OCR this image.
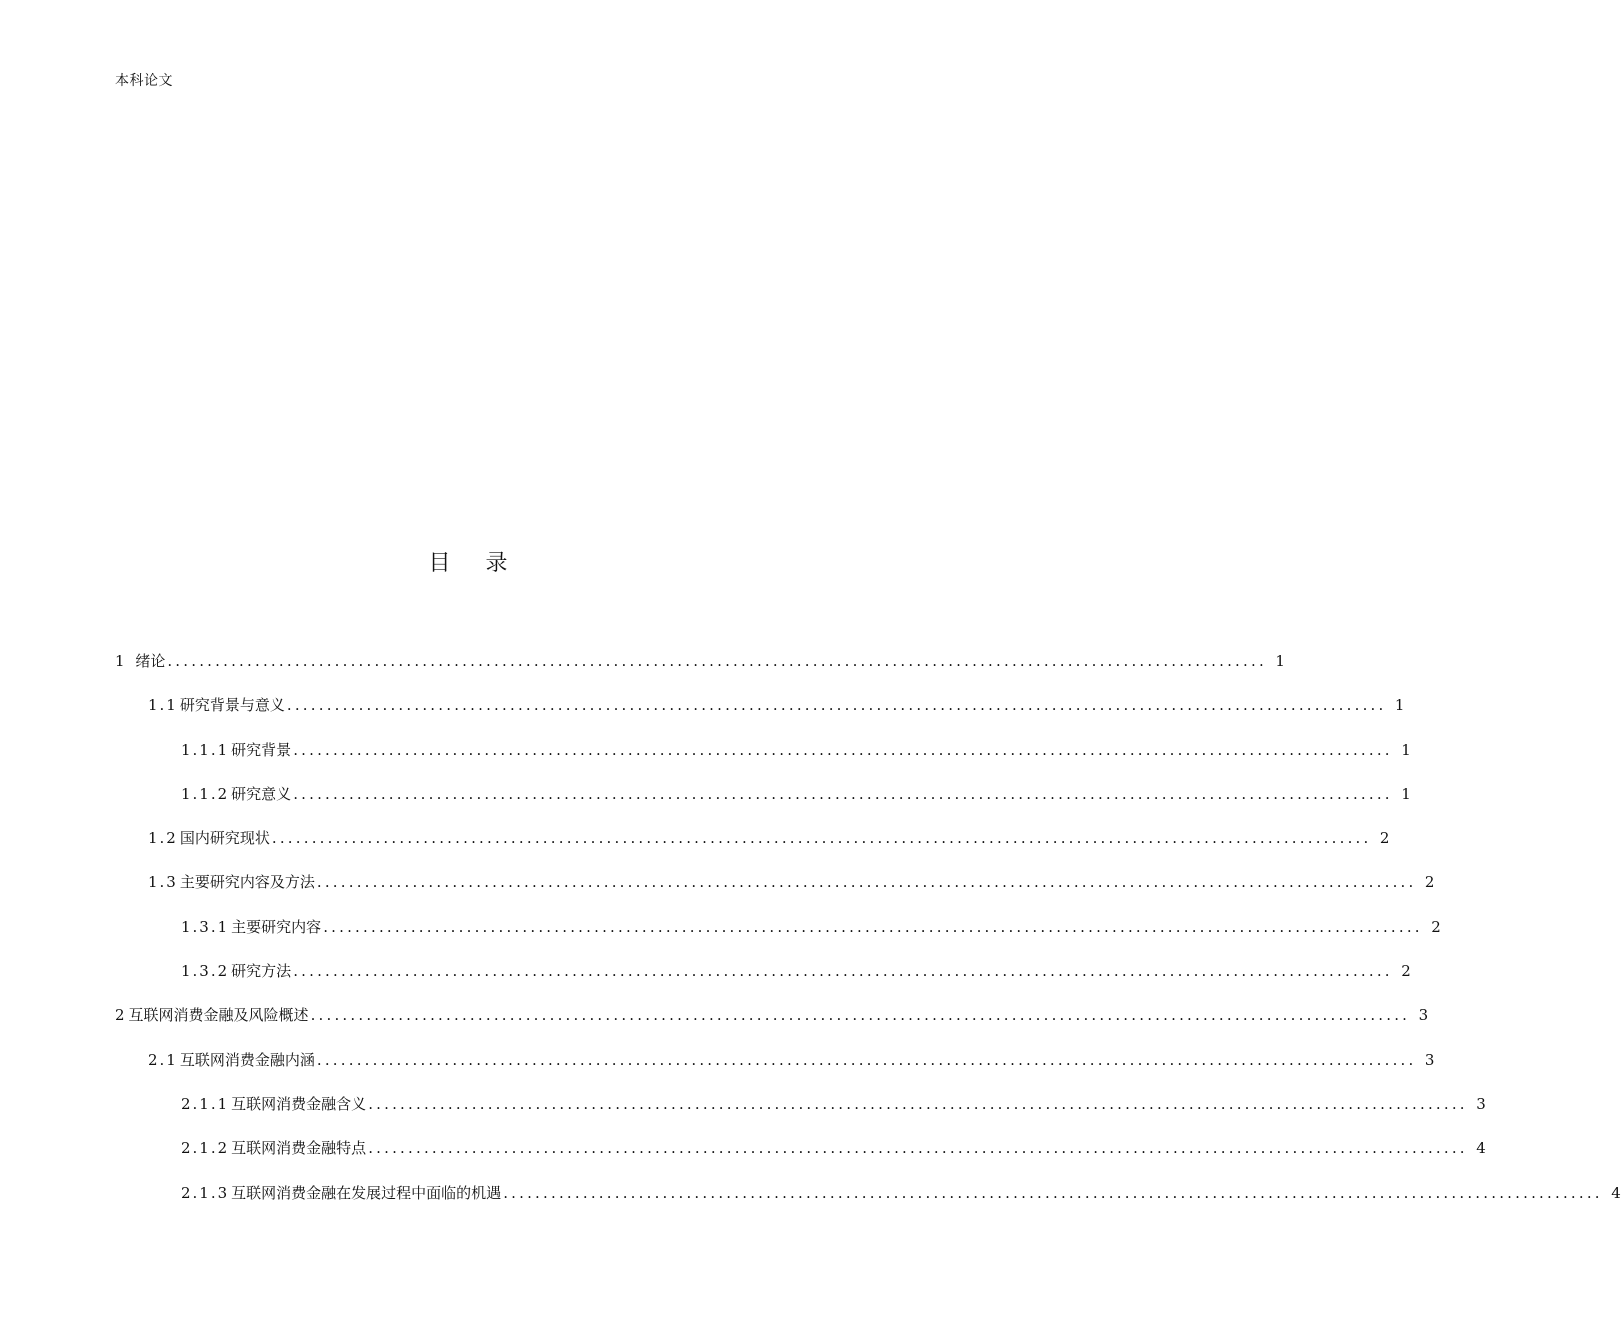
本科论文
目 录
1 绪论 .......................................................................................................................................... 1
1.1 研究背景与意义 .......................................................................................................................................... 1
1.1.1 研究背景 .......................................................................................................................................... 1
1.1.2 研究意义 .......................................................................................................................................... 1
1.2 国内研究现状 .......................................................................................................................................... 2
1.3 主要研究内容及方法 .......................................................................................................................................... 2
1.3.1 主要研究内容 .......................................................................................................................................... 2
1.3.2 研究方法 .......................................................................................................................................... 2
2 互联网消费金融及风险概述 .......................................................................................................................................... 3
2.1 互联网消费金融内涵 .......................................................................................................................................... 3
2.1.1 互联网消费金融含义 .......................................................................................................................................... 3
2.1.2 互联网消费金融特点 .......................................................................................................................................... 4
2.1.3 互联网消费金融在发展过程中面临的机遇 .......................................................................................................................................... 4
